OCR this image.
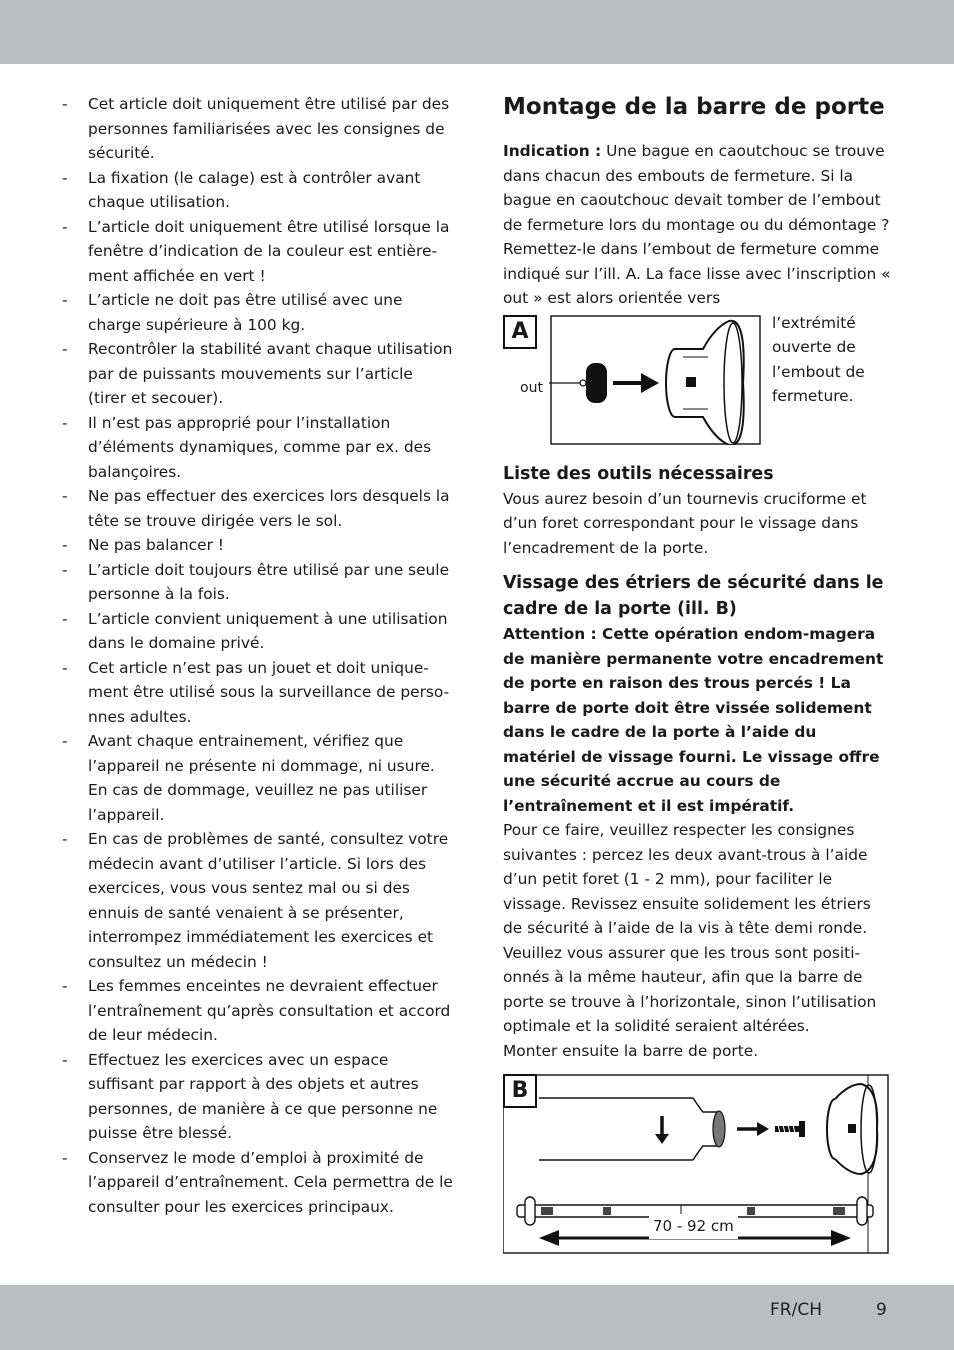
-	Cet article doit uniquement être utilisé par des personnes familiarisées avec les consignes de sécurité.
-	La fixation (le calage) est à contrôler avant chaque utilisation.
-	L’article doit uniquement être utilisé lorsque la fenêtre d’indication de la couleur est entière-ment affichée en vert !
-	L’article ne doit pas être utilisé avec une charge supérieure à 100 kg.
-	Recontrôler la stabilité avant chaque utilisation par de puissants mouvements sur l’article (tirer et secouer).
-	Il n’est pas approprié pour l’installation d’éléments dynamiques, comme par ex. des balançoires.
-	Ne pas effectuer des exercices lors desquels la tête se trouve dirigée vers le sol.
-	Ne pas balancer !
-	L’article doit toujours être utilisé par une seule personne à la fois.
-	L’article convient uniquement à une utilisation dans le domaine privé.
-	Cet article n’est pas un jouet et doit unique-ment être utilisé sous la surveillance de perso-nnes adultes.
-	Avant chaque entrainement, vérifiez que l’appareil ne présente ni dommage, ni usure. En cas de dommage, veuillez ne pas utiliser l’appareil.
-	En cas de problèmes de santé, consultez votre médecin avant d’utiliser l’article. Si lors des exercices, vous vous sentez mal ou si des ennuis de santé venaient à se présenter, interrompez immédiatement les exercices et consultez un médecin !
-	Les femmes enceintes ne devraient effectuer l’entraînement qu’après consultation et accord de leur médecin.
-	Effectuez les exercices avec un espace suffisant par rapport à des objets et autres personnes, de manière à ce que personne ne puisse être blessé.
-	Conservez le mode d’emploi à proximité de l’appareil d’entraînement. Cela permettra de le consulter pour les exercices principaux.
Montage de la barre de porte

Indication : Une bague en caoutchouc se trouve dans chacun des embouts de fermeture. Si la bague en caoutchouc devait tomber de l’embout de fermeture lors du montage ou du démontage ? Remettez-le dans l’embout de fermeture comme indiqué sur l’ill. A. La face lisse avec l’inscription « out » est alors orientée vers

A
out
l’extrémité ouverte de l’embout de fermeture.
Liste des outils nécessaires

Vous aurez besoin d’un tournevis cruciforme et d’un foret correspondant pour le vissage dans l’encadrement de la porte.

Vissage des étriers de sécurité dans le cadre de la porte (ill. B)

Attention : Cette opération endom-magera de manière permanente votre encadrement de porte en raison des trous percés ! La barre de porte doit être vissée solidement dans le cadre de la porte à l’aide du matériel de vissage fourni. Le vissage offre une sécurité accrue au cours de l’entraînement et il est impératif.

Pour ce faire, veuillez respecter les consignes suivantes : percez les deux avant-trous à l’aide d’un petit foret (1 - 2 mm), pour faciliter le vissage. Revissez ensuite solidement les étriers de sécurité à l’aide de la vis à tête demi ronde. Veuillez vous assurer que les trous sont positi-onnés à la même hauteur, afin que la barre de porte se trouve à l’horizontale, sinon l’utilisation optimale et la solidité seraient altérées.

Monter ensuite la barre de porte.

B
70 - 92 cm
FR/CH	9
